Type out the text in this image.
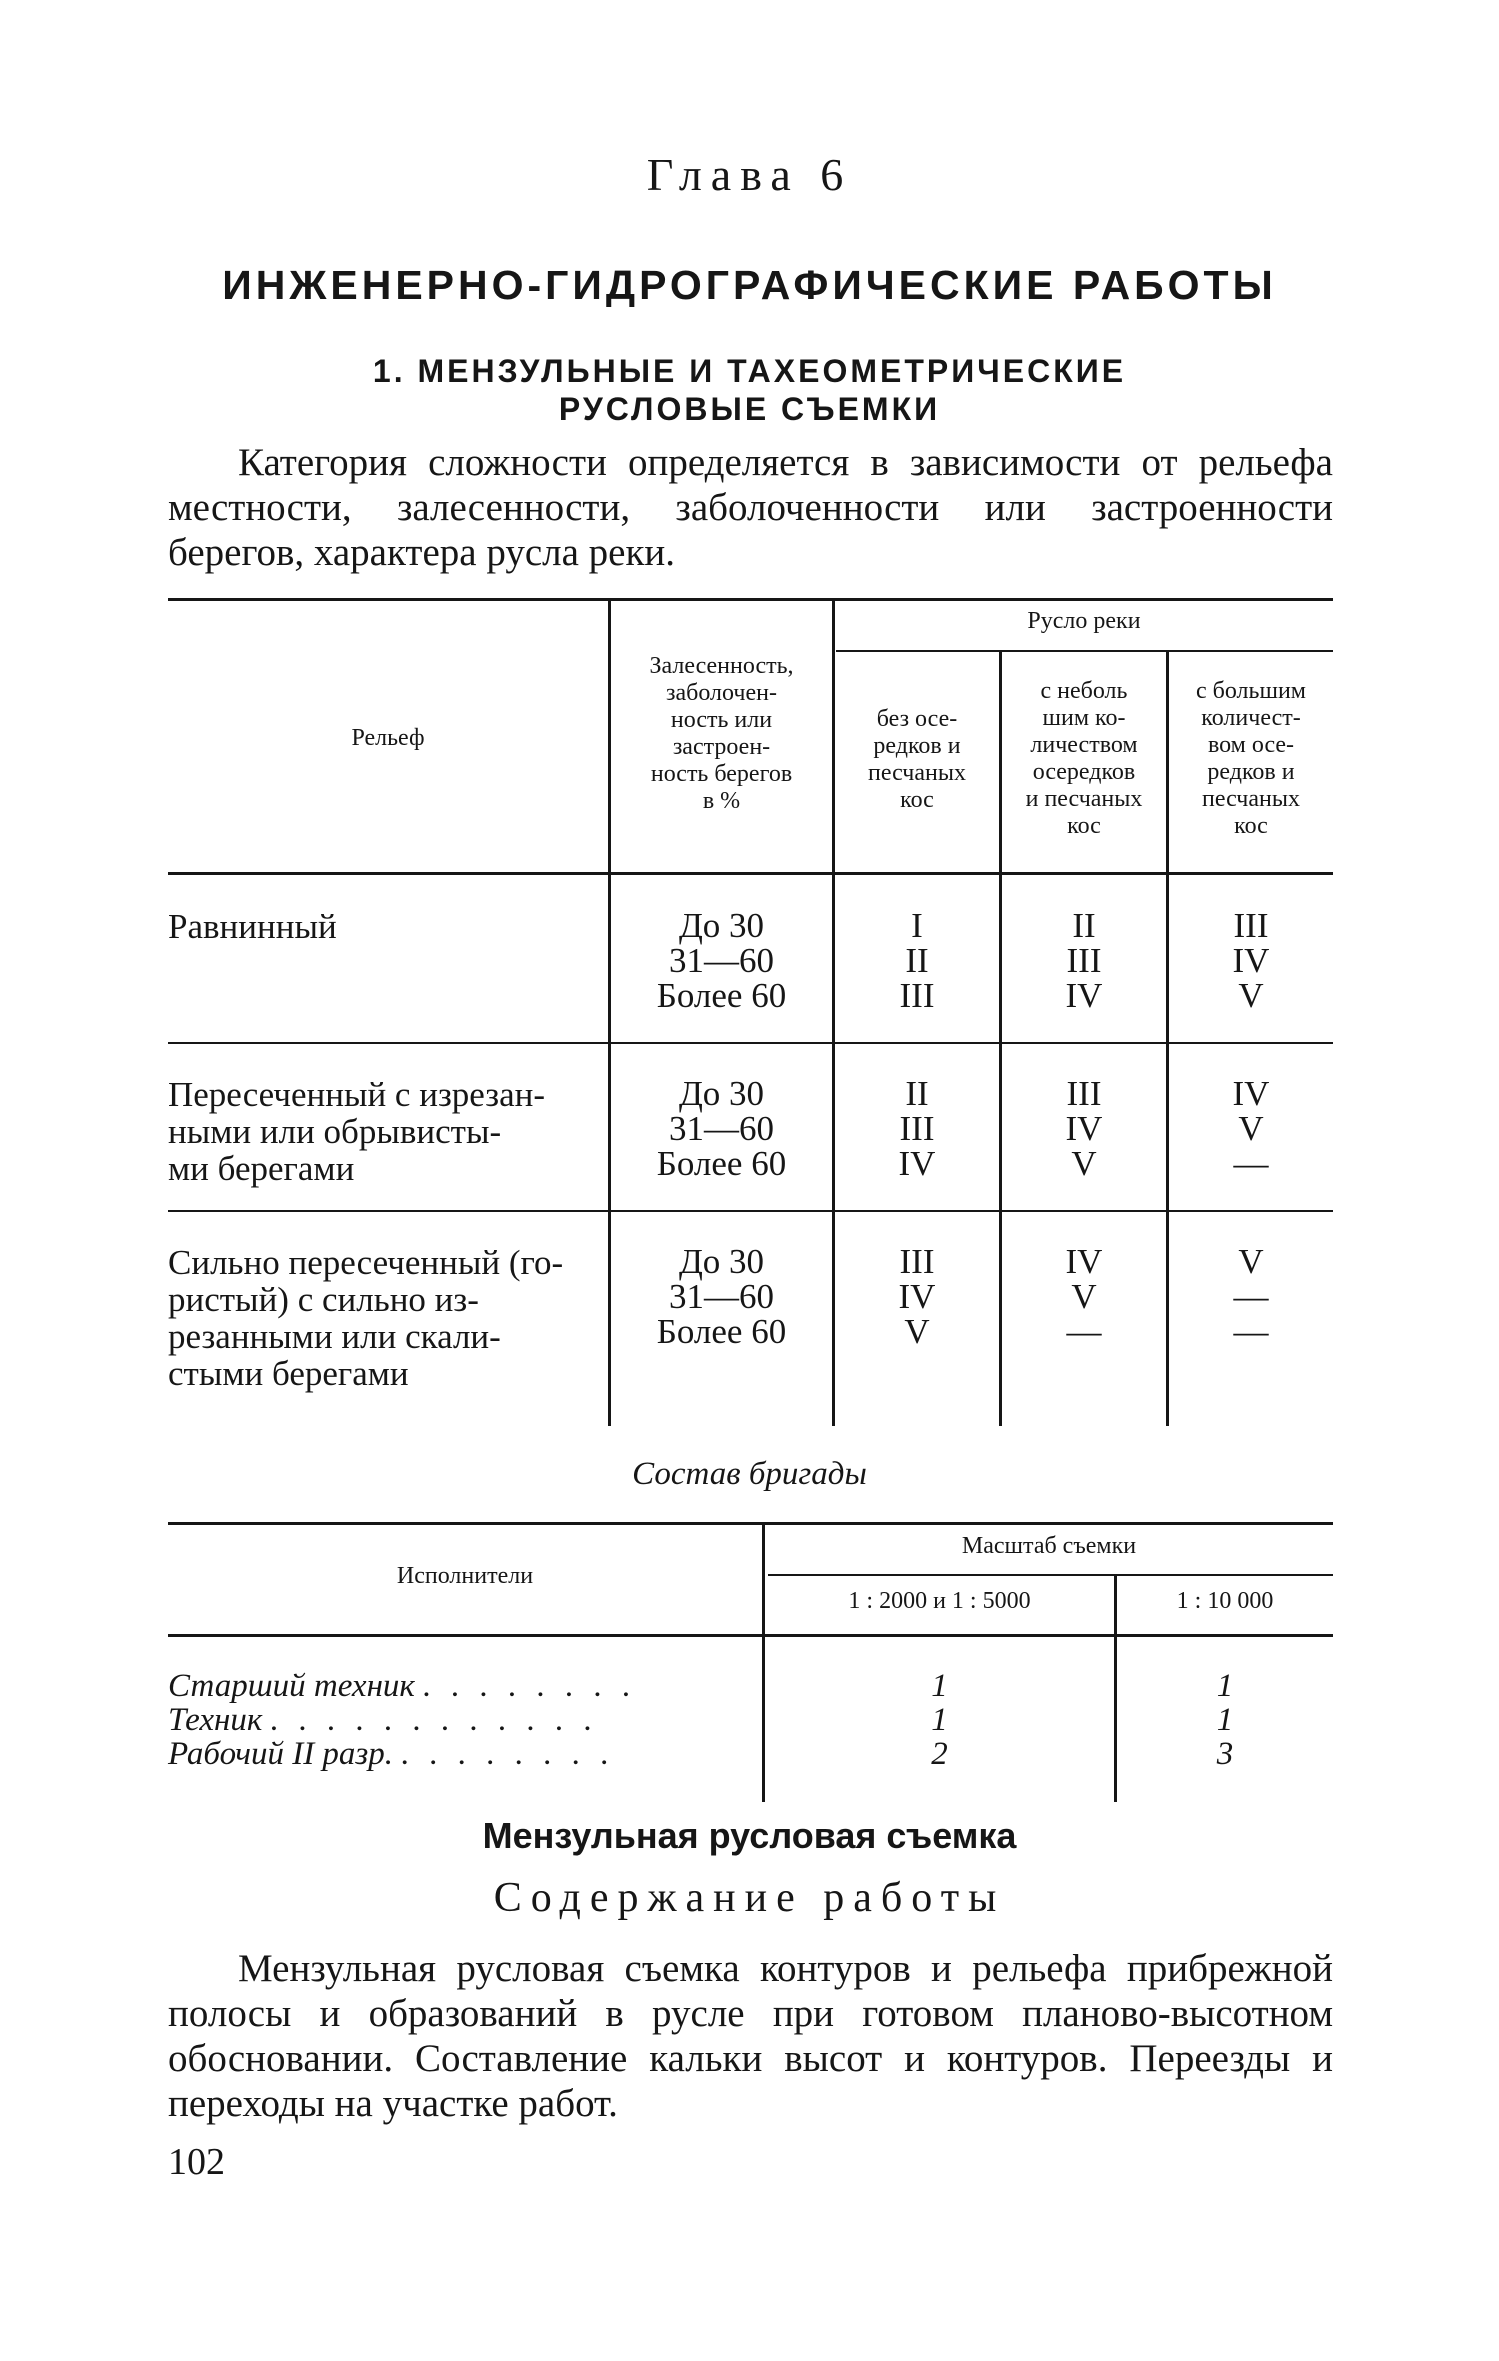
Глава 6
ИНЖЕНЕРНО-ГИДРОГРАФИЧЕСКИЕ РАБОТЫ
1. МЕНЗУЛЬНЫЕ И ТАХЕОМЕТРИЧЕСКИЕ
РУСЛОВЫЕ СЪЕМКИ

Категория сложности определяется в зависимости от рельефа местности, залесенности, заболоченности или застроенности берегов, характера русла реки.

Рельеф
Залесенность,
заболочен-
ность или
застроен-
ность берегов
в %
Русло реки
без осе-
редков и
песчаных
кос
с неболь
шим ко-
личеством
осередков
и песчаных
кос
с большим
количест-
вом осе-
редков и
песчаных
кос
Равнинный	До 30
31—60
Более 60
I
II
III
II
III
IV
III
IV
V
Пересеченный с изрезан-
ными или обрывисты-
ми берегами
До 30
31—60
Более 60
II
III
IV
III
IV
V
IV
V
—
Сильно пересеченный (го-
ристый) с сильно из-
резанными или скали-
стыми берегами
До 30
31—60
Более 60
III
IV
V
IV
V
—
V
—
—
Состав бригады
Исполнители
Масштаб съемки
1 : 2000 и 1 : 5000	1 : 10 000
Старший техник . . . . . . . .
Техник . . . . . . . . . . . .
Рабочий II разр. . . . . . . . .
1
1
2
1
1
3
Мензульная русловая съемка
Содержание работы

Мензульная русловая съемка контуров и рельефа прибрежной полосы и образований в русле при готовом планово-высотном обосновании. Составление кальки высот и контуров. Переезды и переходы на участке работ.

102
